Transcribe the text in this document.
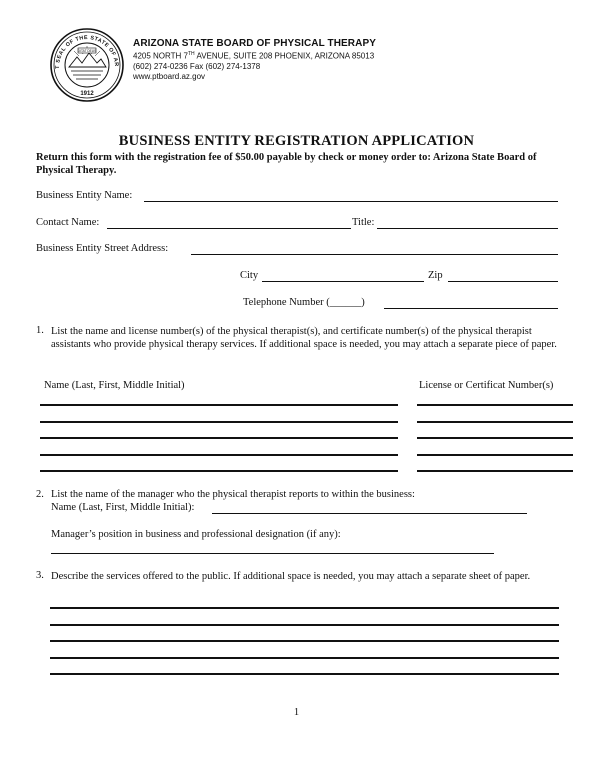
T SEAL OF THE STATE OF AR
DITAT DEUS
1912
ARIZONA STATE BOARD OF PHYSICAL THERAPY
4205 NORTH 7TH AVENUE, SUITE 208 PHOENIX, ARIZONA 85013
(602) 274-0236 Fax (602) 274-1378
www.ptboard.az.gov
BUSINESS ENTITY REGISTRATION APPLICATION
Return this form with the registration fee of $50.00 payable by check or money order to: Arizona State Board of Physical Therapy.
Business Entity Name:
Contact Name:	Title:
Business Entity Street Address:
City	Zip
Telephone Number (______)
1. List the name and license number(s) of the physical therapist(s), and certificate number(s) of the physical therapist assistants who provide physical therapy services. If additional space is needed, you may attach a separate piece of paper.
Name (Last, First, Middle Initial)	License or Certificat Number(s)
2. List the name of the manager who the physical therapist reports to within the business:
Name (Last, First, Middle Initial):
Manager’s position in business and professional designation (if any):
3. Describe the services offered to the public. If additional space is needed, you may attach a separate sheet of paper.
1
